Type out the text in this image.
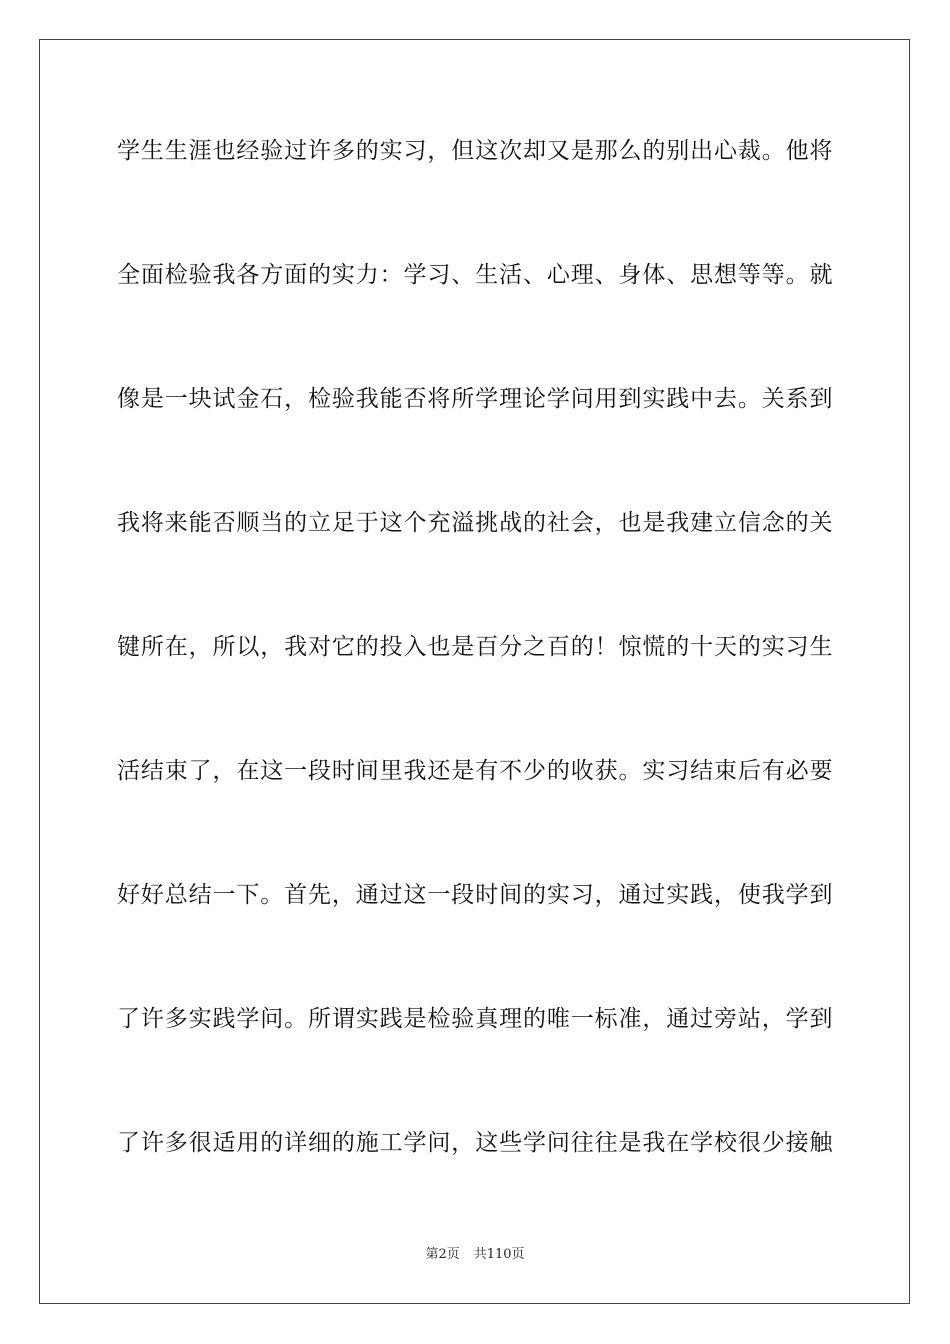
学生生涯也经验过许多的实习，但这次却又是那么的别出心裁。他将
全面检验我各方面的实力：学习、生活、心理、身体、思想等等。就
像是一块试金石，检验我能否将所学理论学问用到实践中去。关系到
我将来能否顺当的立足于这个充溢挑战的社会，也是我建立信念的关
键所在，所以，我对它的投入也是百分之百的！惊慌的十天的实习生
活结束了，在这一段时间里我还是有不少的收获。实习结束后有必要
好好总结一下。首先，通过这一段时间的实习，通过实践，使我学到
了许多实践学问。所谓实践是检验真理的唯一标准，通过旁站，学到
了许多很适用的详细的施工学问，这些学问往往是我在学校很少接触
第2页 共110页
